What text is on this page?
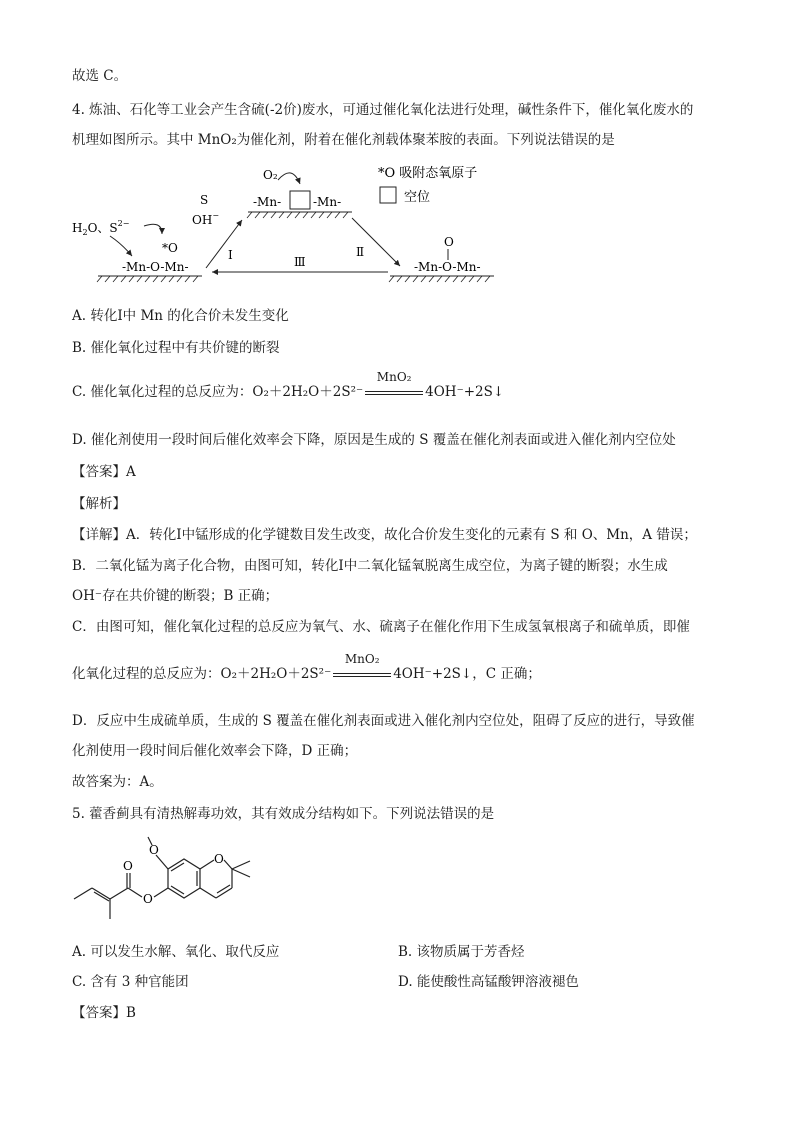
故选 C。
4. 炼油、石化等工业会产生含硫(-2价)废水，可通过催化氧化法进行处理，碱性条件下，催化氧化废水的
机理如图所示。其中 MnO₂为催化剂，附着在催化剂载体聚苯胺的表面。下列说法错误的是
*O 吸附态氧原子
空位
O₂
-Mn-	-Mn-
S
OH−
$H_2O$、$S^{2-}$
*O
-Mn-O-Mn-
Ⅰ	Ⅱ
Ⅲ
O
-Mn-O-Mn-
A. 转化Ⅰ中 Mn 的化合价未发生变化
B. 催化氧化过程中有共价键的断裂
C. 催化氧化过程的总反应为：O₂＋2H₂O＋2S²⁻
MnO₂
4OH⁻+2S↓
D. 催化剂使用一段时间后催化效率会下降，原因是生成的 S 覆盖在催化剂表面或进入催化剂内空位处
【答案】A
【解析】
【详解】A．转化Ⅰ中锰形成的化学键数目发生改变，故化合价发生变化的元素有 S 和 O、Mn，A 错误；
B．二氧化锰为离子化合物，由图可知，转化Ⅰ中二氧化锰氧脱离生成空位，为离子键的断裂；水生成
OH⁻存在共价键的断裂；B 正确；
C．由图可知，催化氧化过程的总反应为氧气、水、硫离子在催化作用下生成氢氧根离子和硫单质，即催
化氧化过程的总反应为：O₂＋2H₂O＋2S²⁻
MnO₂
4OH⁻+2S↓，C 正确；
D．反应中生成硫单质，生成的 S 覆盖在催化剂表面或进入催化剂内空位处，阻碍了反应的进行，导致催
化剂使用一段时间后催化效率会下降，D 正确；
故答案为：A。
5. 藿香蓟具有清热解毒功效，其有效成分结构如下。下列说法错误的是
O
O
O
O
A. 可以发生水解、氧化、取代反应	B. 该物质属于芳香烃
C. 含有 3 种官能团	D. 能使酸性高锰酸钾溶液褪色
【答案】B
